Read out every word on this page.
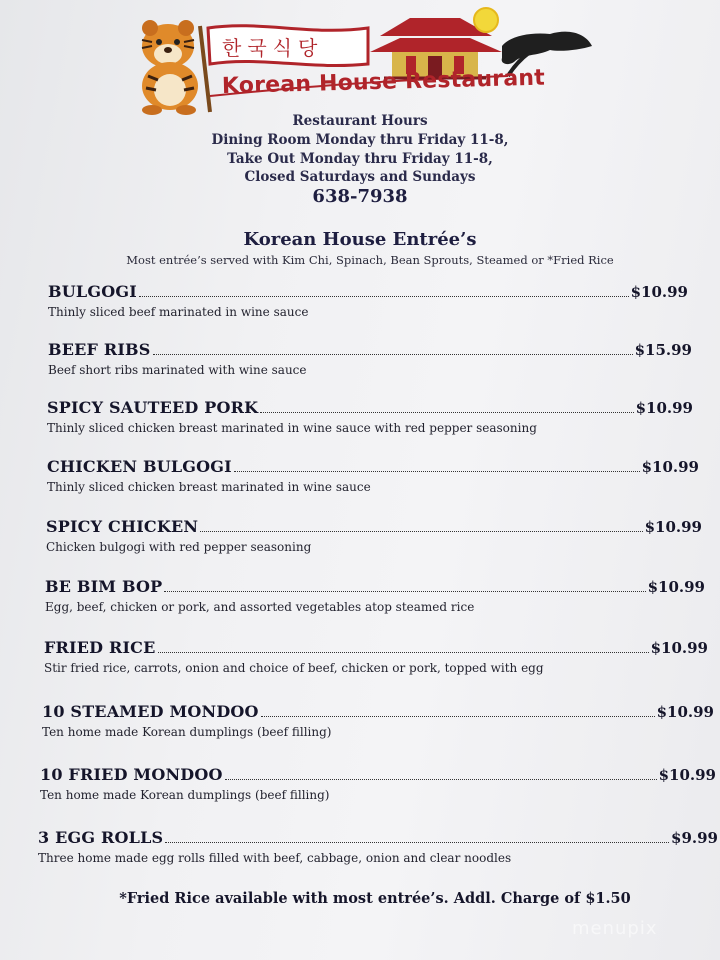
한국식당
Korean House Restaurant
Restaurant Hours
Dining Room Monday thru Friday 11-8,
Take Out Monday thru Friday 11-8,
Closed Saturdays and Sundays
638-7938
Korean House Entrée’s
Most entrée’s served with Kim Chi, Spinach, Bean Sprouts, Steamed or *Fried Rice
BULGOGI	$10.99
Thinly sliced beef marinated in wine sauce
BEEF RIBS	$15.99
Beef short ribs marinated with wine sauce
SPICY SAUTEED PORK	$10.99
Thinly sliced chicken breast marinated in wine sauce with red pepper seasoning
CHICKEN BULGOGI	$10.99
Thinly sliced chicken breast marinated in wine sauce
SPICY CHICKEN	$10.99
Chicken bulgogi with red pepper seasoning
BE BIM BOP	$10.99
Egg, beef, chicken or pork, and assorted vegetables atop steamed rice
FRIED RICE	$10.99
Stir fried rice, carrots, onion and choice of beef, chicken or pork, topped with egg
10 STEAMED MONDOO	$10.99
Ten home made Korean dumplings (beef filling)
10 FRIED MONDOO	$10.99
Ten home made Korean dumplings (beef filling)
3 EGG ROLLS	$9.99
Three home made egg rolls filled with beef, cabbage, onion and clear noodles
*Fried Rice available with most entrée’s. Addl. Charge of $1.50
menupix
